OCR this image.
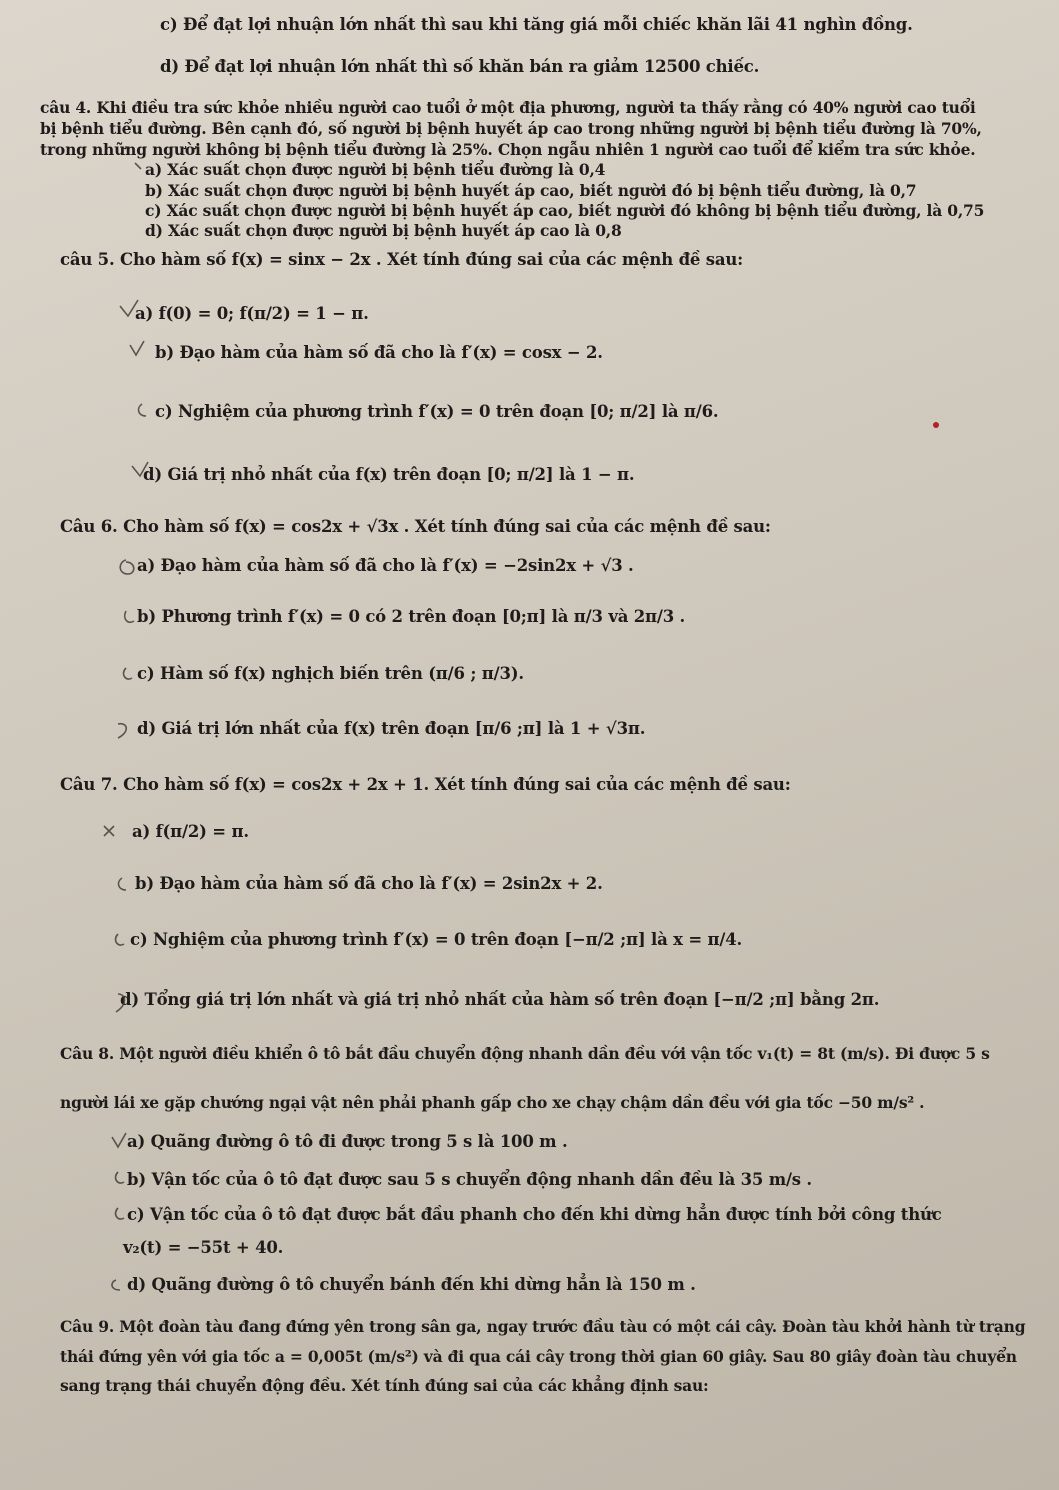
c) Để đạt lợi nhuận lớn nhất thì sau khi tăng giá mỗi chiếc khăn lãi 41 nghìn đồng.
d) Để đạt lợi nhuận lớn nhất thì số khăn bán ra giảm 12500 chiếc.
câu 4. Khi điều tra sức khỏe nhiều người cao tuổi ở một địa phương, người ta thấy rằng có 40% người cao tuổi
bị bệnh tiểu đường. Bên cạnh đó, số người bị bệnh huyết áp cao trong những người bị bệnh tiểu đường là 70%,
trong những người không bị bệnh tiểu đường là 25%. Chọn ngẫu nhiên 1 người cao tuổi để kiểm tra sức khỏe.
a) Xác suất chọn được người bị bệnh tiểu đường là 0,4
b) Xác suất chọn được người bị bệnh huyết áp cao, biết người đó bị bệnh tiểu đường, là 0,7
c) Xác suất chọn được người bị bệnh huyết áp cao, biết người đó không bị bệnh tiểu đường, là 0,75
d) Xác suất chọn được người bị bệnh huyết áp cao là 0,8
câu 5. Cho hàm số f(x) = sinx − 2x . Xét tính đúng sai của các mệnh đề sau:
a) f(0) = 0; f(π/2) = 1 − π.
b) Đạo hàm của hàm số đã cho là f′(x) = cosx − 2.
c) Nghiệm của phương trình f′(x) = 0 trên đoạn [0; π/2] là π/6.
d) Giá trị nhỏ nhất của f(x) trên đoạn [0; π/2] là 1 − π.
Câu 6. Cho hàm số f(x) = cos2x + √3x . Xét tính đúng sai của các mệnh đề sau:
a) Đạo hàm của hàm số đã cho là f′(x) = −2sin2x + √3 .
b) Phương trình f′(x) = 0 có 2 trên đoạn [0;π] là π/3 và 2π/3 .
c) Hàm số f(x) nghịch biến trên (π/6 ; π/3).
d) Giá trị lớn nhất của f(x) trên đoạn [π/6 ;π] là 1 + √3π.
Câu 7. Cho hàm số f(x) = cos2x + 2x + 1. Xét tính đúng sai của các mệnh đề sau:
a) f(π/2) = π.
b) Đạo hàm của hàm số đã cho là f′(x) = 2sin2x + 2.
c) Nghiệm của phương trình f′(x) = 0 trên đoạn [−π/2 ;π] là x = π/4.
d) Tổng giá trị lớn nhất và giá trị nhỏ nhất của hàm số trên đoạn [−π/2 ;π] bằng 2π.
Câu 8. Một người điều khiển ô tô bắt đầu chuyển động nhanh dần đều với vận tốc v₁(t) = 8t (m/s). Đi được 5 s
người lái xe gặp chướng ngại vật nên phải phanh gấp cho xe chạy chậm dần đều với gia tốc −50 m/s² .
a) Quãng đường ô tô đi được trong 5 s là 100 m .
b) Vận tốc của ô tô đạt được sau 5 s chuyển động nhanh dần đều là 35 m/s .
c) Vận tốc của ô tô đạt được bắt đầu phanh cho đến khi dừng hẳn được tính bởi công thức
v₂(t) = −55t + 40.
d) Quãng đường ô tô chuyển bánh đến khi dừng hẳn là 150 m .
Câu 9. Một đoàn tàu đang đứng yên trong sân ga, ngay trước đầu tàu có một cái cây. Đoàn tàu khởi hành từ trạng
thái đứng yên với gia tốc a = 0,005t (m/s²) và đi qua cái cây trong thời gian 60 giây. Sau 80 giây đoàn tàu chuyển
sang trạng thái chuyển động đều. Xét tính đúng sai của các khẳng định sau:
